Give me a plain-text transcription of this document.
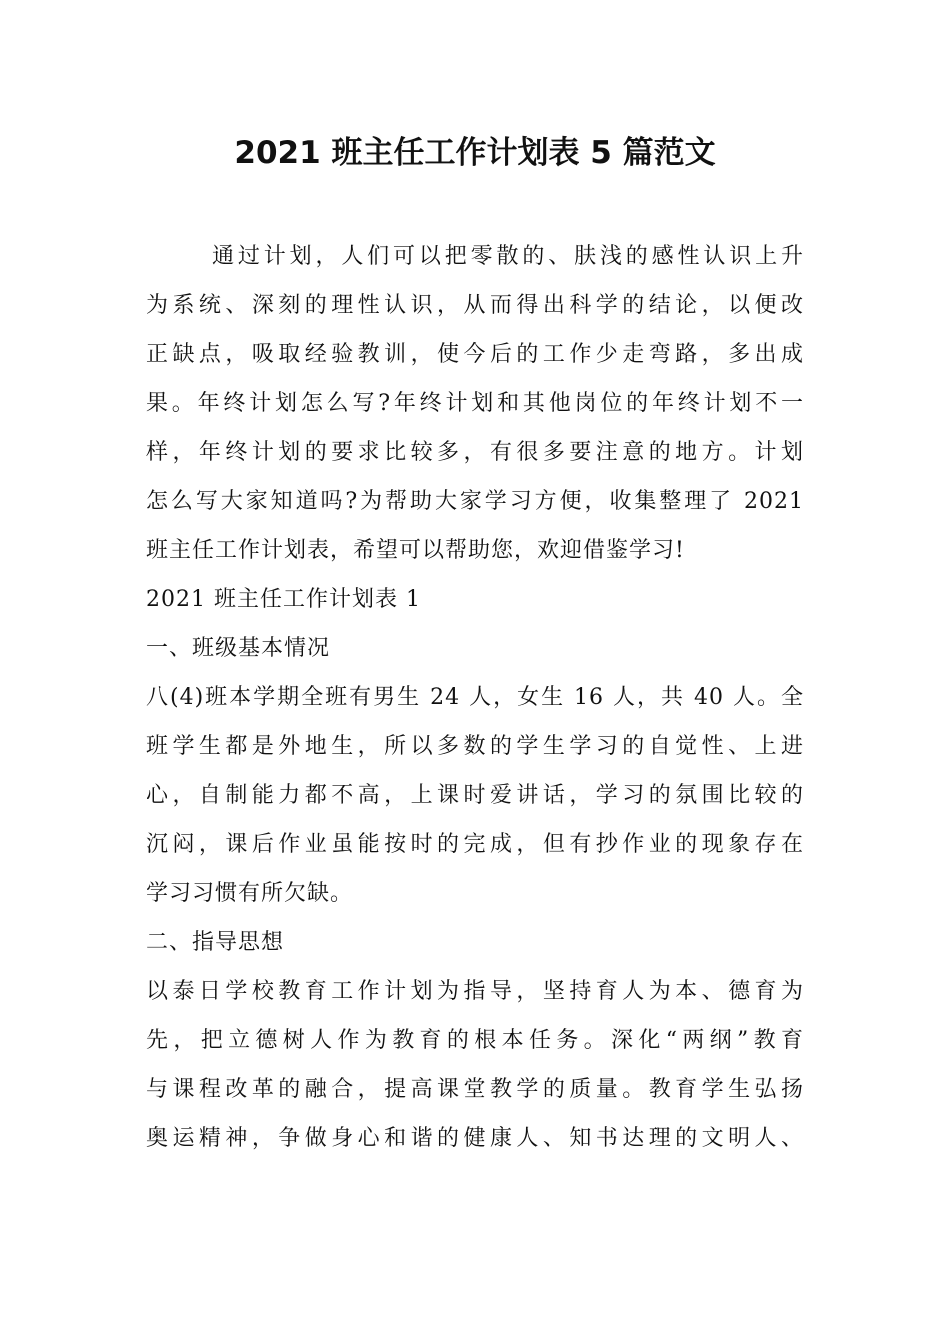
2021 班主任工作计划表 5 篇范文
通过计划，人们可以把零散的、肤浅的感性认识上升
为系统、深刻的理性认识，从而得出科学的结论，以便改
正缺点，吸取经验教训，使今后的工作少走弯路，多出成
果。年终计划怎么写?年终计划和其他岗位的年终计划不一
样，年终计划的要求比较多，有很多要注意的地方。计划
怎么写大家知道吗?为帮助大家学习方便，收集整理了 2021
班主任工作计划表，希望可以帮助您，欢迎借鉴学习!
2021 班主任工作计划表 1
一、班级基本情况
八(4)班本学期全班有男生 24 人，女生 16 人，共 40 人。全
班学生都是外地生，所以多数的学生学习的自觉性、上进
心，自制能力都不高，上课时爱讲话，学习的氛围比较的
沉闷，课后作业虽能按时的完成，但有抄作业的现象存在
学习习惯有所欠缺。
二、指导思想
以泰日学校教育工作计划为指导，坚持育人为本、德育为
先，把立德树人作为教育的根本任务。深化“两纲”教育
与课程改革的融合，提高课堂教学的质量。教育学生弘扬
奥运精神，争做身心和谐的健康人、知书达理的文明人、
